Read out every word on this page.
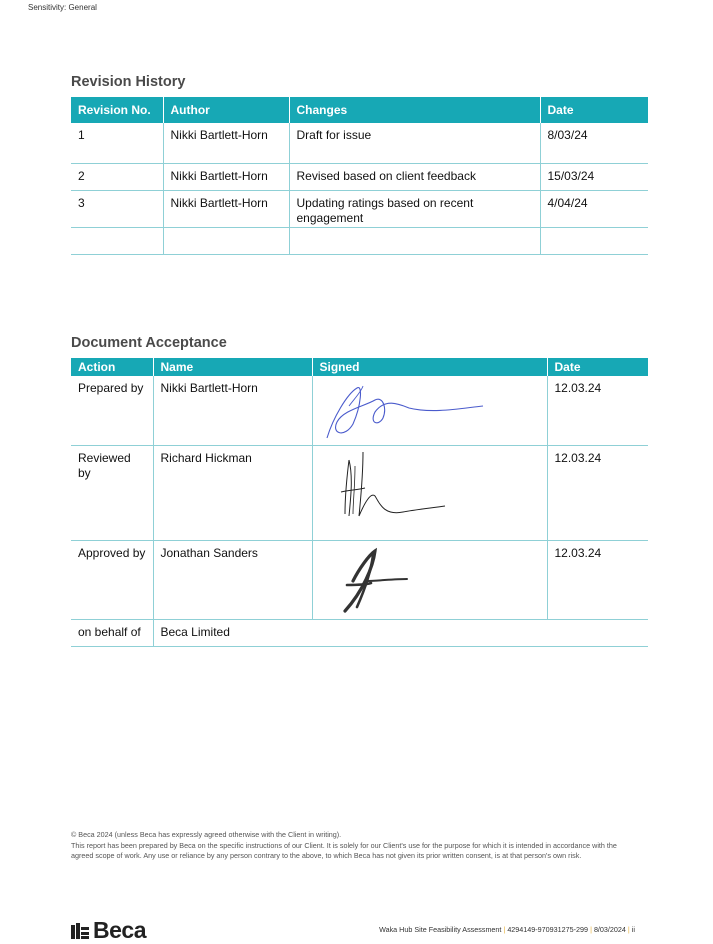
Sensitivity: General
Revision History
Revision No.	Author	Changes	Date
1	Nikki Bartlett-Horn	Draft for issue	8/03/24
2	Nikki Bartlett-Horn	Revised based on client feedback	15/03/24
3	Nikki Bartlett-Horn	Updating ratings based on recent engagement	4/04/24

Document Acceptance
Action	Name	Signed	Date
Prepared by	Nikki Bartlett-Horn		12.03.24
Reviewed by	Richard Hickman		12.03.24
Approved by	Jonathan Sanders		12.03.24
on behalf of	Beca Limited		
© Beca 2024 (unless Beca has expressly agreed otherwise with the Client in writing).
This report has been prepared by Beca on the specific instructions of our Client. It is solely for our Client's use for the purpose for which it is intended in accordance with the agreed scope of work. Any use or reliance by any person contrary to the above, to which Beca has not given its prior written consent, is at that person's own risk.
Beca	Waka Hub Site Feasibility Assessment | 4294149-970931275-299 | 8/03/2024 | ii
